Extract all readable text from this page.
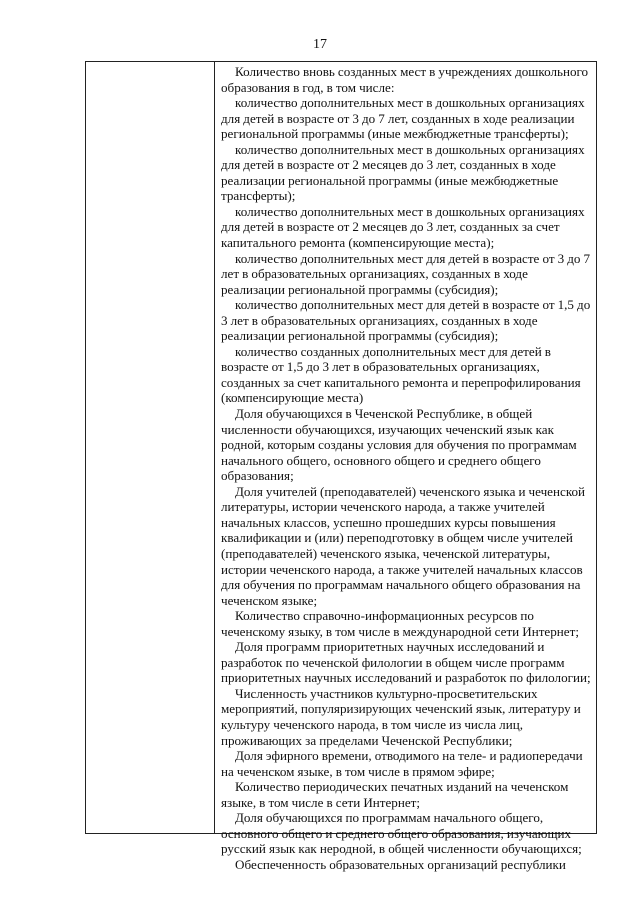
17

Количество вновь созданных мест в учреждениях дошкольного образования в год, в том числе:

количество дополнительных мест в дошкольных организациях для детей в возрасте от 3 до 7 лет, созданных в ходе реализации региональной программы (иные межбюджетные трансферты);

количество дополнительных мест в дошкольных организациях для детей в возрасте от 2 месяцев до 3 лет, созданных в ходе реализации региональной программы (иные межбюджетные трансферты);

количество дополнительных мест в дошкольных организациях для детей в возрасте от 2 месяцев до 3 лет, созданных за счет капитального ремонта (компенсирующие места);

количество дополнительных мест для детей в возрасте от 3 до 7 лет в образовательных организациях, созданных в ходе реализации региональной программы (субсидия);

количество дополнительных мест для детей в возрасте от 1,5 до 3 лет в образовательных организациях, созданных в ходе реализации региональной программы (субсидия);

количество созданных дополнительных мест для детей в возрасте от 1,5 до 3 лет в образовательных организациях, созданных за счет капитального ремонта и перепрофилирования (компенсирующие места)

Доля обучающихся в Чеченской Республике, в общей численности обучающихся, изучающих чеченский язык как родной, которым созданы условия для обучения по программам начального общего, основного общего и среднего общего образования;

Доля учителей (преподавателей) чеченского языка и чеченской литературы, истории чеченского народа, а также учителей начальных классов, успешно прошедших курсы повышения квалификации и (или) переподготовку в общем числе учителей (преподавателей) чеченского языка, чеченской литературы, истории чеченского народа, а также учителей начальных классов для обучения по программам начального общего образования на чеченском языке;

Количество справочно-информационных ресурсов по чеченскому языку, в том числе в международной сети Интернет;

Доля программ приоритетных научных исследований и разработок по чеченской филологии в общем числе программ приоритетных научных исследований и разработок по филологии;

Численность участников культурно-просветительских мероприятий, популяризирующих чеченский язык, литературу и культуру чеченского народа, в том числе из числа лиц, проживающих за пределами Чеченской Республики;

Доля эфирного времени, отводимого на теле- и радиопередачи на чеченском языке, в том числе в прямом эфире;

Количество периодических печатных изданий на чеченском языке, в том числе в сети Интернет;

Доля обучающихся по программам начального общего, основного общего и среднего общего образования, изучающих русский язык как неродной, в общей численности обучающихся;

Обеспеченность образовательных организаций республики
